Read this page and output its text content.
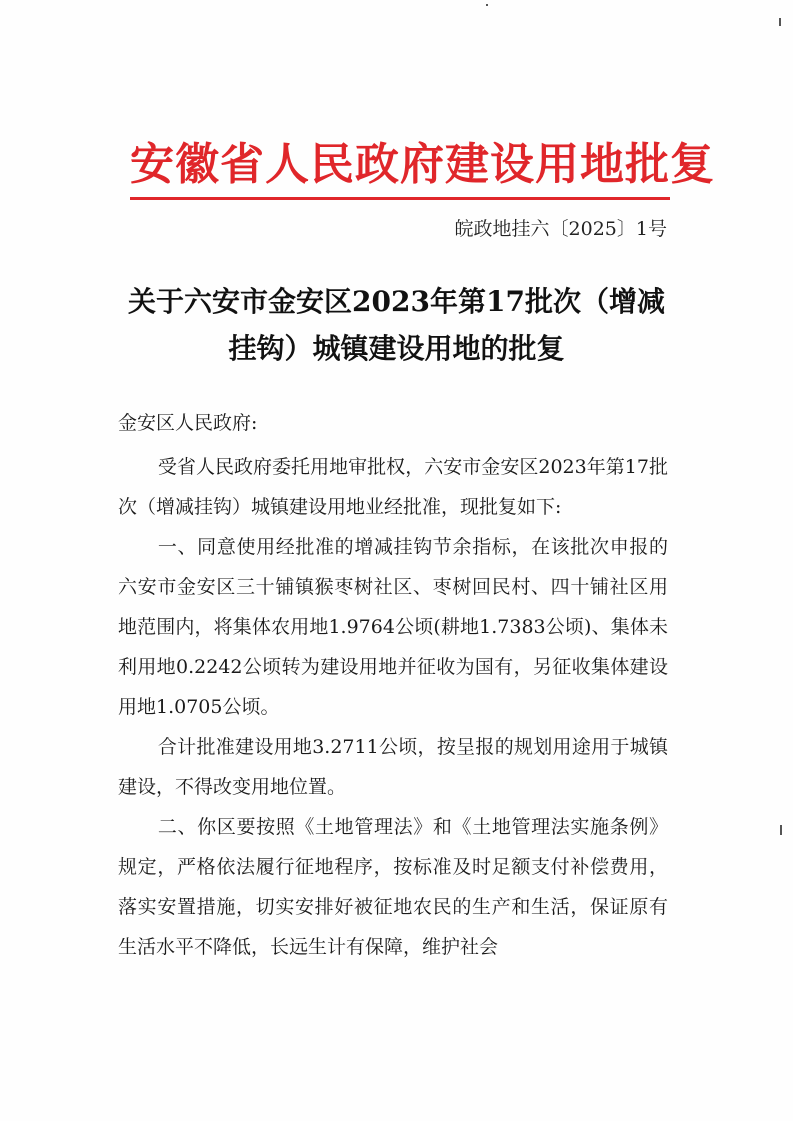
安徽省人民政府建设用地批复
皖政地挂六〔2025〕1号
关于六安市金安区2023年第17批次（增减
挂钩）城镇建设用地的批复

金安区人民政府:

受省人民政府委托用地审批权，六安市金安区2023年第17批次（增减挂钩）城镇建设用地业经批准，现批复如下:

一、同意使用经批准的增减挂钩节余指标，在该批次申报的六安市金安区三十铺镇猴枣树社区、枣树回民村、四十铺社区用地范围内，将集体农用地1.9764公顷(耕地1.7383公顷)、集体未利用地0.2242公顷转为建设用地并征收为国有，另征收集体建设用地1.0705公顷。

合计批准建设用地3.2711公顷，按呈报的规划用途用于城镇建设，不得改变用地位置。

二、你区要按照《土地管理法》和《土地管理法实施条例》规定，严格依法履行征地程序，按标准及时足额支付补偿费用，落实安置措施，切实安排好被征地农民的生产和生活，保证原有生活水平不降低，长远生计有保障，维护社会
